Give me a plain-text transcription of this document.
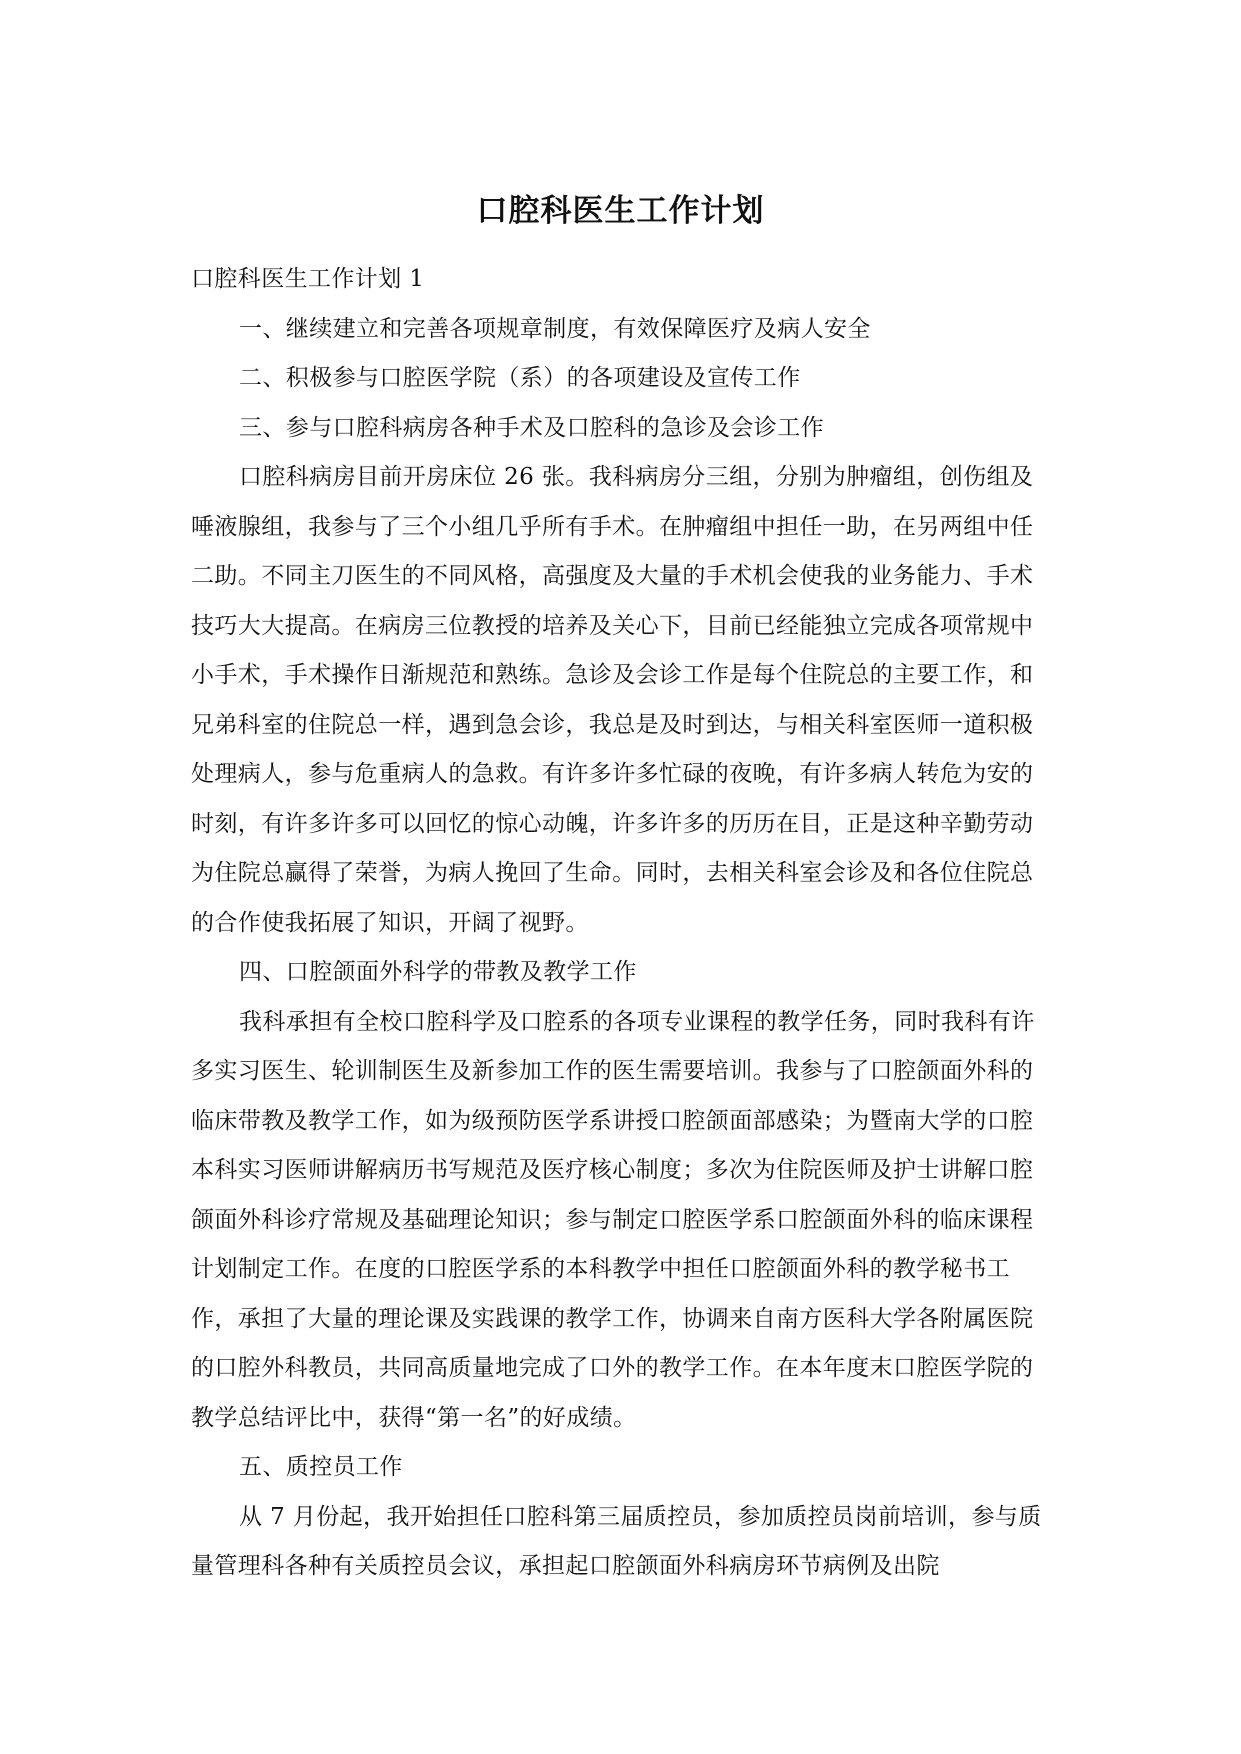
口腔科医生工作计划

口腔科医生工作计划 1

一、继续建立和完善各项规章制度，有效保障医疗及病人安全

二、积极参与口腔医学院（系）的各项建设及宣传工作

三、参与口腔科病房各种手术及口腔科的急诊及会诊工作

口腔科病房目前开房床位 26 张。我科病房分三组，分别为肿瘤组，创伤组及唾液腺组，我参与了三个小组几乎所有手术。在肿瘤组中担任一助，在另两组中任二助。不同主刀医生的不同风格，高强度及大量的手术机会使我的业务能力、手术技巧大大提高。在病房三位教授的培养及关心下，目前已经能独立完成各项常规中小手术，手术操作日渐规范和熟练。急诊及会诊工作是每个住院总的主要工作，和兄弟科室的住院总一样，遇到急会诊，我总是及时到达，与相关科室医师一道积极处理病人，参与危重病人的急救。有许多许多忙碌的夜晚，有许多病人转危为安的时刻，有许多许多可以回忆的惊心动魄，许多许多的历历在目，正是这种辛勤劳动为住院总赢得了荣誉，为病人挽回了生命。同时，去相关科室会诊及和各位住院总的合作使我拓展了知识，开阔了视野。

四、口腔颌面外科学的带教及教学工作

我科承担有全校口腔科学及口腔系的各项专业课程的教学任务，同时我科有许多实习医生、轮训制医生及新参加工作的医生需要培训。我参与了口腔颌面外科的临床带教及教学工作，如为级预防医学系讲授口腔颌面部感染；为暨南大学的口腔本科实习医师讲解病历书写规范及医疗核心制度；多次为住院医师及护士讲解口腔颌面外科诊疗常规及基础理论知识；参与制定口腔医学系口腔颌面外科的临床课程计划制定工作。在度的口腔医学系的本科教学中担任口腔颌面外科的教学秘书工作，承担了大量的理论课及实践课的教学工作，协调来自南方医科大学各附属医院的口腔外科教员，共同高质量地完成了口外的教学工作。在本年度末口腔医学院的教学总结评比中，获得“第一名”的好成绩。

五、质控员工作

从 7 月份起，我开始担任口腔科第三届质控员，参加质控员岗前培训，参与质量管理科各种有关质控员会议，承担起口腔颌面外科病房环节病例及出院
